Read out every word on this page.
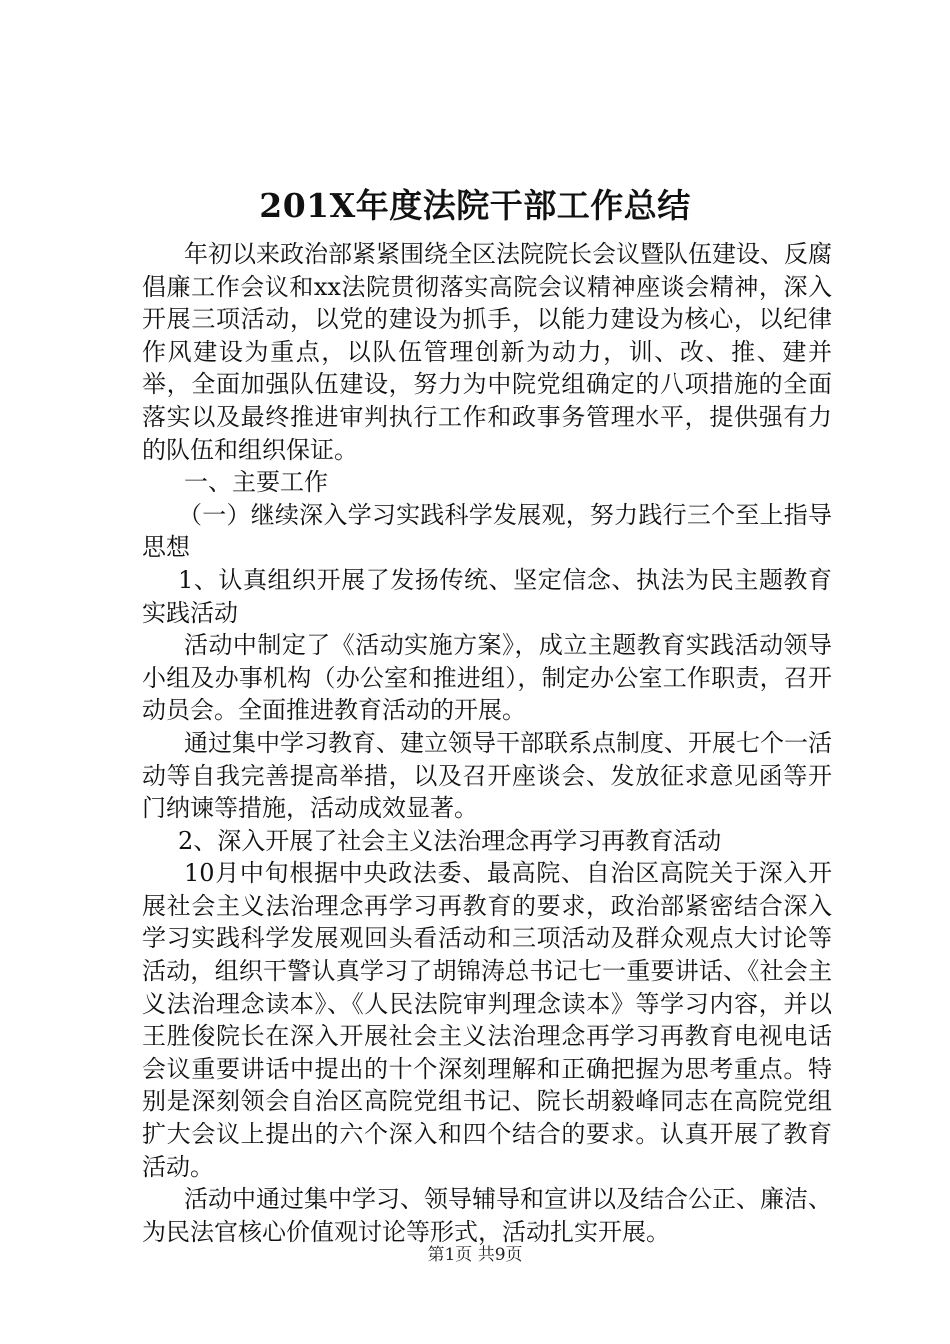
201X年度法院干部工作总结

年初以来政治部紧紧围绕全区法院院长会议暨队伍建设、反腐倡廉工作会议和xx法院贯彻落实高院会议精神座谈会精神，深入开展三项活动，以党的建设为抓手，以能力建设为核心，以纪律作风建设为重点，以队伍管理创新为动力，训、改、推、建并举，全面加强队伍建设，努力为中院党组确定的八项措施的全面落实以及最终推进审判执行工作和政事务管理水平，提供强有力的队伍和组织保证。

一、主要工作

（一）继续深入学习实践科学发展观，努力践行三个至上指导思想

1、认真组织开展了发扬传统、坚定信念、执法为民主题教育实践活动

活动中制定了《活动实施方案》，成立主题教育实践活动领导小组及办事机构（办公室和推进组），制定办公室工作职责，召开动员会。全面推进教育活动的开展。

通过集中学习教育、建立领导干部联系点制度、开展七个一活动等自我完善提高举措，以及召开座谈会、发放征求意见函等开门纳谏等措施，活动成效显著。

2、深入开展了社会主义法治理念再学习再教育活动

10月中旬根据中央政法委、最高院、自治区高院关于深入开展社会主义法治理念再学习再教育的要求，政治部紧密结合深入学习实践科学发展观回头看活动和三项活动及群众观点大讨论等活动，组织干警认真学习了胡锦涛总书记七一重要讲话、《社会主义法治理念读本》、《人民法院审判理念读本》等学习内容，并以王胜俊院长在深入开展社会主义法治理念再学习再教育电视电话会议重要讲话中提出的十个深刻理解和正确把握为思考重点。特别是深刻领会自治区高院党组书记、院长胡毅峰同志在高院党组扩大会议上提出的六个深入和四个结合的要求。认真开展了教育活动。

活动中通过集中学习、领导辅导和宣讲以及结合公正、廉洁、为民法官核心价值观讨论等形式，活动扎实开展。

第1页 共9页
